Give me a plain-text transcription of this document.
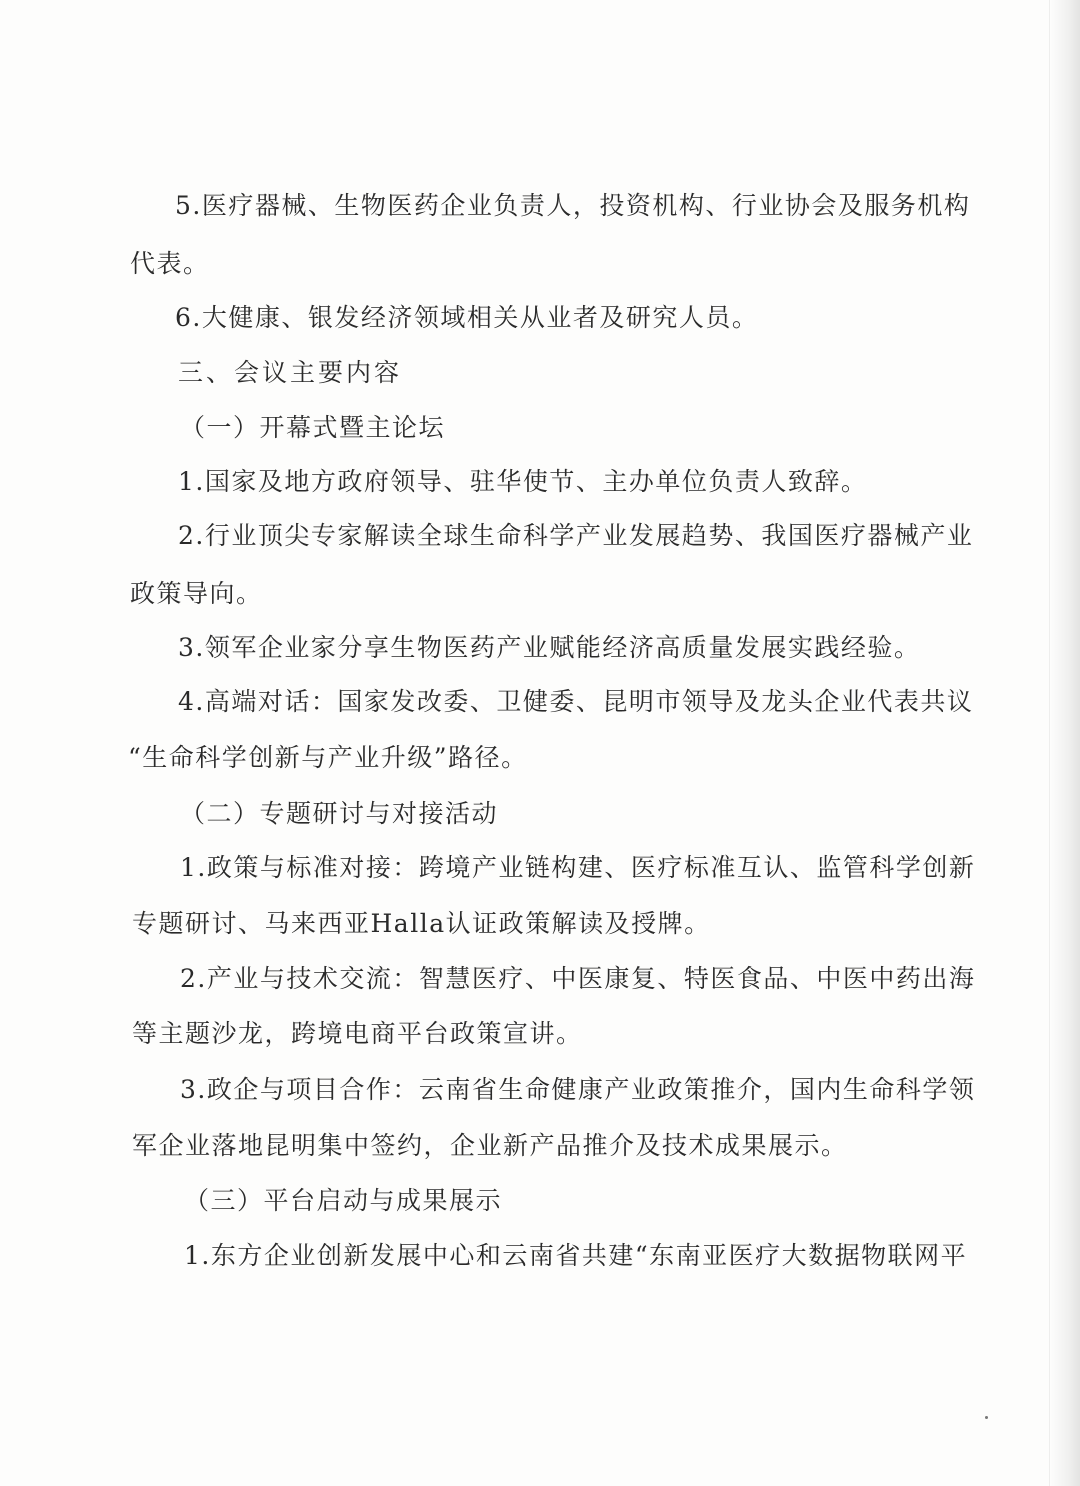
5.医疗器械、生物医药企业负责人，投资机构、行业协会及服务机构
代表。
6.大健康、银发经济领域相关从业者及研究人员。
三、会议主要内容
（一）开幕式暨主论坛
1.国家及地方政府领导、驻华使节、主办单位负责人致辞。
2.行业顶尖专家解读全球生命科学产业发展趋势、我国医疗器械产业
政策导向。
3.领军企业家分享生物医药产业赋能经济高质量发展实践经验。
4.高端对话：国家发改委、卫健委、昆明市领导及龙头企业代表共议
“生命科学创新与产业升级”路径。
（二）专题研讨与对接活动
1.政策与标准对接：跨境产业链构建、医疗标准互认、监管科学创新
专题研讨、马来西亚Halla认证政策解读及授牌。
2.产业与技术交流：智慧医疗、中医康复、特医食品、中医中药出海
等主题沙龙，跨境电商平台政策宣讲。
3.政企与项目合作：云南省生命健康产业政策推介，国内生命科学领
军企业落地昆明集中签约，企业新产品推介及技术成果展示。
（三）平台启动与成果展示
1.东方企业创新发展中心和云南省共建“东南亚医疗大数据物联网平
